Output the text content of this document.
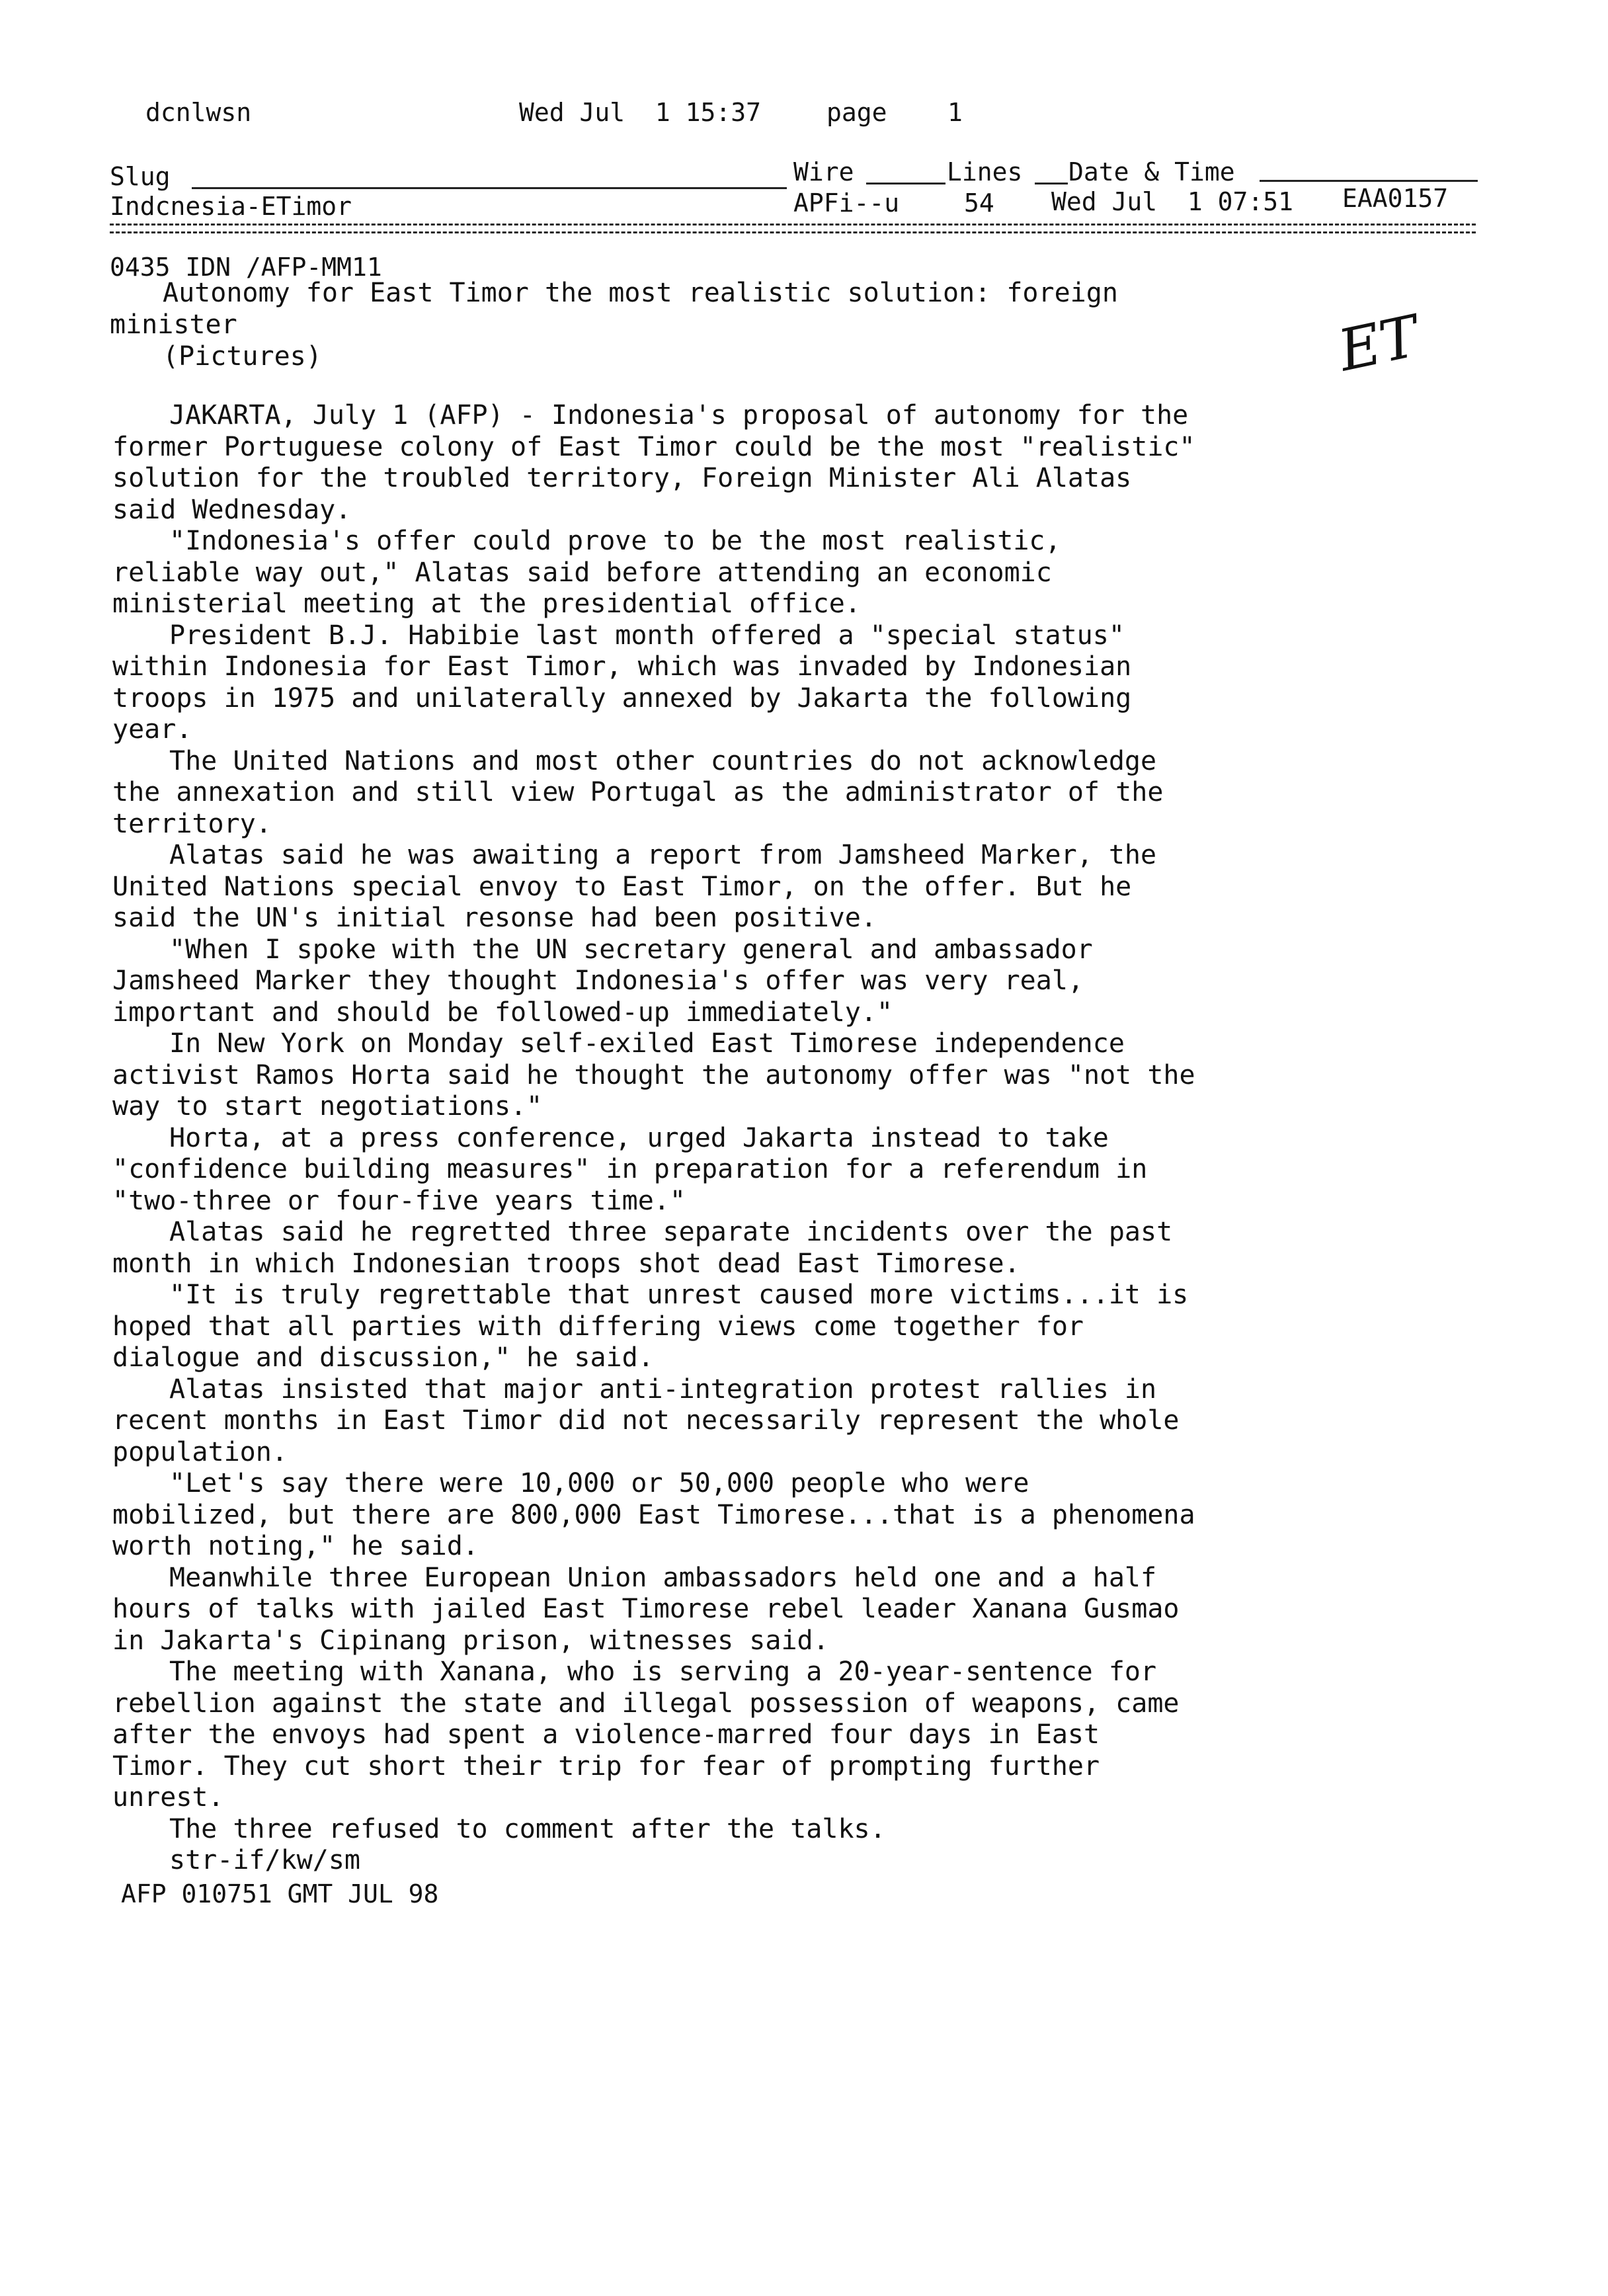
dcnlwsn	Wed Jul  1 15:37	page 1
Slug	Wire	Lines Date & Time
Indcnesia-ETimor	APFi--u	54 Wed Jul  1 07:51 EAA0157
0435 IDN /AFP-MM11
Autonomy for East Timor the most realistic solution: foreign
minister
(Pictures)	ET
JAKARTA, July 1 (AFP) - Indonesia's proposal of autonomy for the
former Portuguese colony of East Timor could be the most "realistic"
solution for the troubled territory, Foreign Minister Ali Alatas
said Wednesday.
"Indonesia's offer could prove to be the most realistic,
reliable way out," Alatas said before attending an economic
ministerial meeting at the presidential office.
President B.J. Habibie last month offered a "special status"
within Indonesia for East Timor, which was invaded by Indonesian
troops in 1975 and unilaterally annexed by Jakarta the following
year.
The United Nations and most other countries do not acknowledge
the annexation and still view Portugal as the administrator of the
territory.
Alatas said he was awaiting a report from Jamsheed Marker, the
United Nations special envoy to East Timor, on the offer. But he
said the UN's initial resonse had been positive.
"When I spoke with the UN secretary general and ambassador
Jamsheed Marker they thought Indonesia's offer was very real,
important and should be followed-up immediately."
In New York on Monday self-exiled East Timorese independence
activist Ramos Horta said he thought the autonomy offer was "not the
way to start negotiations."
Horta, at a press conference, urged Jakarta instead to take
"confidence building measures" in preparation for a referendum in
"two-three or four-five years time."
Alatas said he regretted three separate incidents over the past
month in which Indonesian troops shot dead East Timorese.
"It is truly regrettable that unrest caused more victims...it is
hoped that all parties with differing views come together for
dialogue and discussion," he said.
Alatas insisted that major anti-integration protest rallies in
recent months in East Timor did not necessarily represent the whole
population.
"Let's say there were 10,000 or 50,000 people who were
mobilized, but there are 800,000 East Timorese...that is a phenomena
worth noting," he said.
Meanwhile three European Union ambassadors held one and a half
hours of talks with jailed East Timorese rebel leader Xanana Gusmao
in Jakarta's Cipinang prison, witnesses said.
The meeting with Xanana, who is serving a 20-year-sentence for
rebellion against the state and illegal possession of weapons, came
after the envoys had spent a violence-marred four days in East
Timor. They cut short their trip for fear of prompting further
unrest.
The three refused to comment after the talks.
str-if/kw/sm
AFP 010751 GMT JUL 98
